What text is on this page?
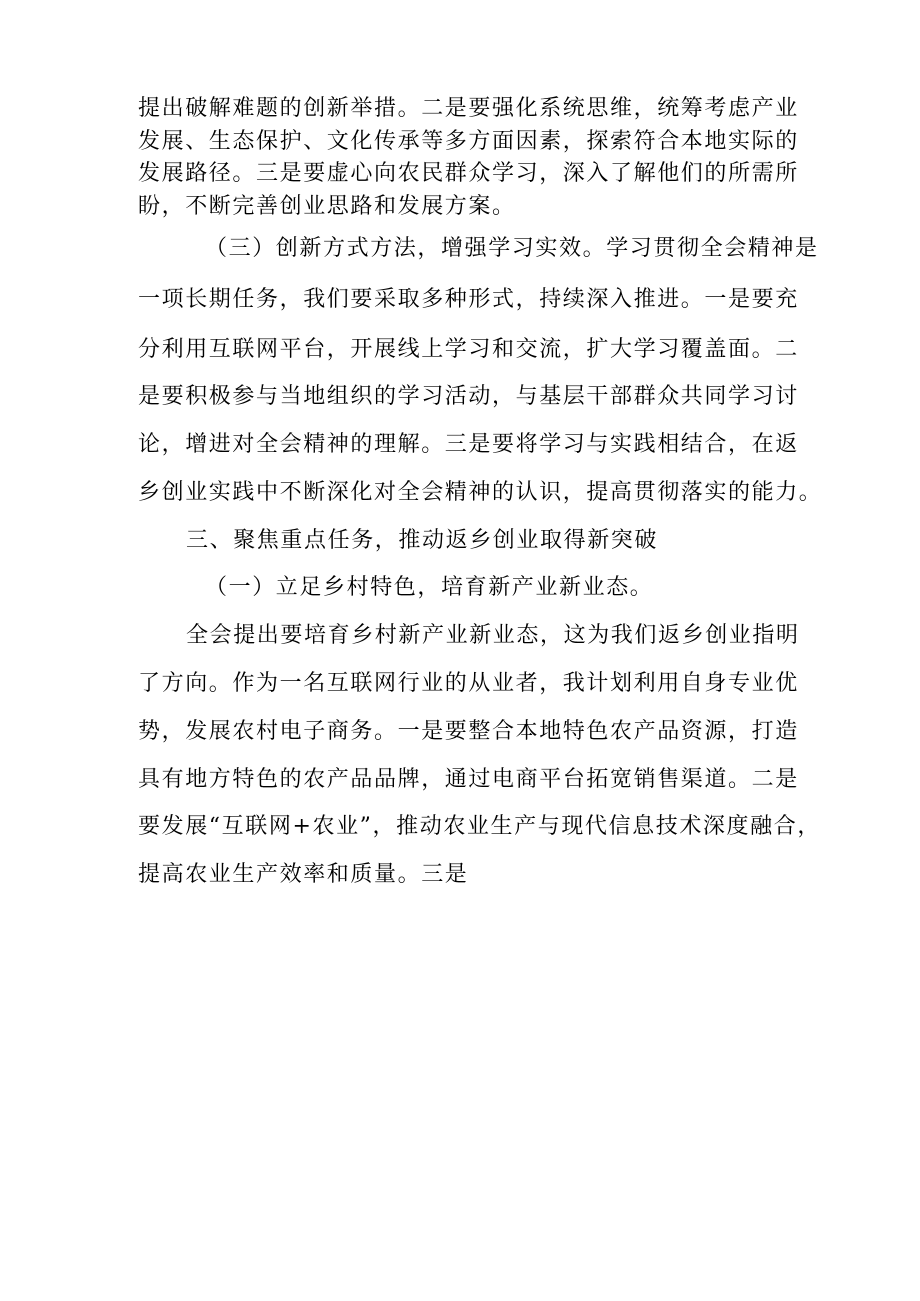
提出破解难题的创新举措。二是要强化系统思维，统筹考虑产业
发展、生态保护、文化传承等多方面因素，探索符合本地实际的
发展路径。三是要虚心向农民群众学习，深入了解他们的所需所
盼，不断完善创业思路和发展方案。
（三）创新方式方法，增强学习实效。学习贯彻全会精神是
一项长期任务，我们要采取多种形式，持续深入推进。一是要充
分利用互联网平台，开展线上学习和交流，扩大学习覆盖面。二
是要积极参与当地组织的学习活动，与基层干部群众共同学习讨
论，增进对全会精神的理解。三是要将学习与实践相结合，在返
乡创业实践中不断深化对全会精神的认识，提高贯彻落实的能力。
三、聚焦重点任务，推动返乡创业取得新突破
（一）立足乡村特色，培育新产业新业态。
全会提出要培育乡村新产业新业态，这为我们返乡创业指明
了方向。作为一名互联网行业的从业者，我计划利用自身专业优
势，发展农村电子商务。一是要整合本地特色农产品资源，打造
具有地方特色的农产品品牌，通过电商平台拓宽销售渠道。二是
要发展“互联网+农业”，推动农业生产与现代信息技术深度融合，
提高农业生产效率和质量。三是
